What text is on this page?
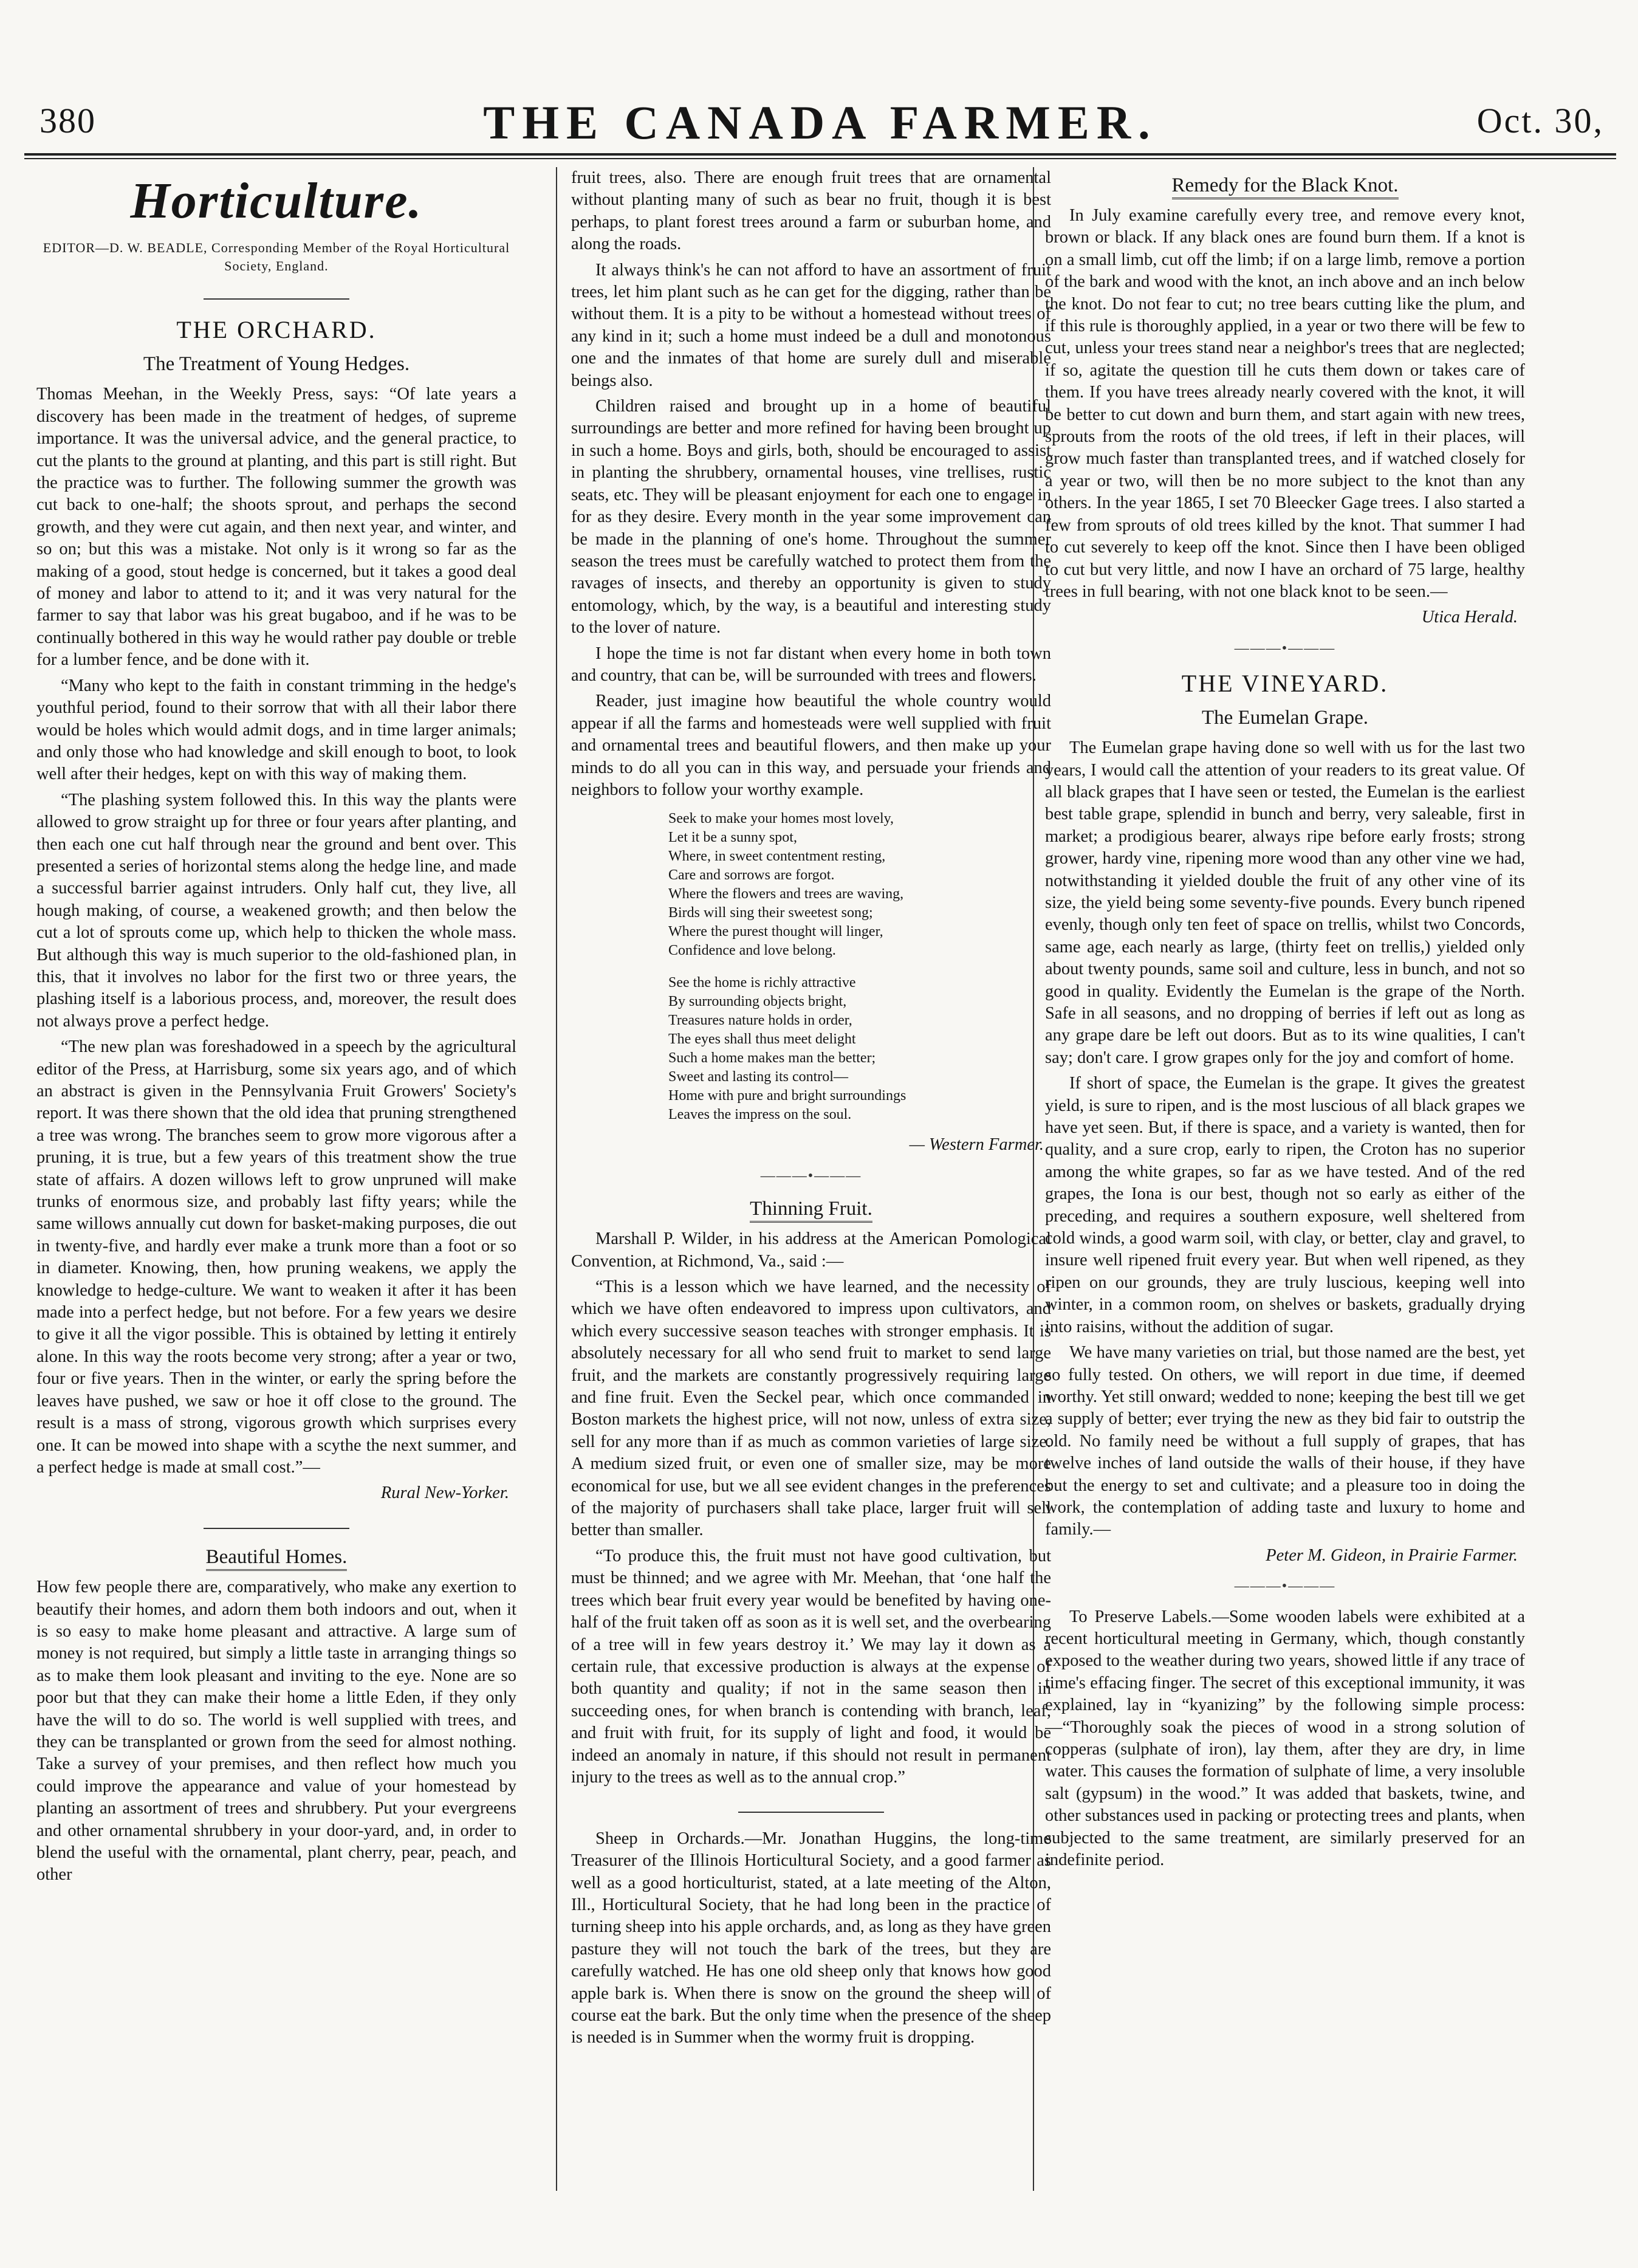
380	THE CANADA FARMER.	Oct. 30,
Horticulture.
EDITOR—D. W. BEADLE, Corresponding Member of the Royal Horticultural Society, England.
THE ORCHARD.
The Treatment of Young Hedges.

Thomas Meehan, in the Weekly Press, says: “Of late years a discovery has been made in the treatment of hedges, of supreme importance. It was the universal advice, and the general practice, to cut the plants to the ground at planting, and this part is still right. But the practice was to further. The following summer the growth was cut back to one-half; the shoots sprout, and perhaps the second growth, and they were cut again, and then next year, and winter, and so on; but this was a mistake. Not only is it wrong so far as the making of a good, stout hedge is concerned, but it takes a good deal of money and labor to attend to it; and it was very natural for the farmer to say that labor was his great bugaboo, and if he was to be continually bothered in this way he would rather pay double or treble for a lumber fence, and be done with it.

“Many who kept to the faith in constant trimming in the hedge's youthful period, found to their sorrow that with all their labor there would be holes which would admit dogs, and in time larger animals; and only those who had knowledge and skill enough to boot, to look well after their hedges, kept on with this way of making them.

“The plashing system followed this. In this way the plants were allowed to grow straight up for three or four years after planting, and then each one cut half through near the ground and bent over. This presented a series of horizontal stems along the hedge line, and made a successful barrier against intruders. Only half cut, they live, all hough making, of course, a weakened growth; and then below the cut a lot of sprouts come up, which help to thicken the whole mass. But although this way is much superior to the old-fashioned plan, in this, that it involves no labor for the first two or three years, the plashing itself is a laborious process, and, moreover, the result does not always prove a perfect hedge.

“The new plan was foreshadowed in a speech by the agricultural editor of the Press, at Harrisburg, some six years ago, and of which an abstract is given in the Pennsylvania Fruit Growers' Society's report. It was there shown that the old idea that pruning strengthened a tree was wrong. The branches seem to grow more vigorous after a pruning, it is true, but a few years of this treatment show the true state of affairs. A dozen willows left to grow unpruned will make trunks of enormous size, and probably last fifty years; while the same willows annually cut down for basket-making purposes, die out in twenty-five, and hardly ever make a trunk more than a foot or so in diameter. Knowing, then, how pruning weakens, we apply the knowledge to hedge-culture. We want to weaken it after it has been made into a perfect hedge, but not before. For a few years we desire to give it all the vigor possible. This is obtained by letting it entirely alone. In this way the roots become very strong; after a year or two, four or five years. Then in the winter, or early the spring before the leaves have pushed, we saw or hoe it off close to the ground. The result is a mass of strong, vigorous growth which surprises every one. It can be mowed into shape with a scythe the next summer, and a perfect hedge is made at small cost.”—

Rural New-Yorker.
Beautiful Homes.

How few people there are, comparatively, who make any exertion to beautify their homes, and adorn them both indoors and out, when it is so easy to make home pleasant and attractive. A large sum of money is not required, but simply a little taste in arranging things so as to make them look pleasant and inviting to the eye. None are so poor but that they can make their home a little Eden, if they only have the will to do so. The world is well supplied with trees, and they can be transplanted or grown from the seed for almost nothing. Take a survey of your premises, and then reflect how much you could improve the appearance and value of your homestead by planting an assortment of trees and shrubbery. Put your evergreens and other ornamental shrubbery in your door-yard, and, in order to blend the useful with the ornamental, plant cherry, pear, peach, and other

fruit trees, also. There are enough fruit trees that are ornamental without planting many of such as bear no fruit, though it is best perhaps, to plant forest trees around a farm or suburban home, and along the roads.

It always think's he can not afford to have an assortment of fruit trees, let him plant such as he can get for the digging, rather than be without them. It is a pity to be without a homestead without trees of any kind in it; such a home must indeed be a dull and monotonous one and the inmates of that home are surely dull and miserable beings also.

Children raised and brought up in a home of beautiful surroundings are better and more refined for having been brought up in such a home. Boys and girls, both, should be encouraged to assist in planting the shrubbery, ornamental houses, vine trellises, rustic seats, etc. They will be pleasant enjoyment for each one to engage in for as they desire. Every month in the year some improvement can be made in the planning of one's home. Throughout the summer season the trees must be carefully watched to protect them from the ravages of insects, and thereby an opportunity is given to study entomology, which, by the way, is a beautiful and interesting study to the lover of nature.

I hope the time is not far distant when every home in both town and country, that can be, will be surrounded with trees and flowers.

Reader, just imagine how beautiful the whole country would appear if all the farms and homesteads were well supplied with fruit and ornamental trees and beautiful flowers, and then make up your minds to do all you can in this way, and persuade your friends and neighbors to follow your worthy example.

Seek to make your homes most lovely,

Let it be a sunny spot,

Where, in sweet contentment resting,

Care and sorrows are forgot.

Where the flowers and trees are waving,

Birds will sing their sweetest song;

Where the purest thought will linger,

Confidence and love belong.

See the home is richly attractive

By surrounding objects bright,

Treasures nature holds in order,

The eyes shall thus meet delight

Such a home makes man the better;

Sweet and lasting its control—

Home with pure and bright surroundings

Leaves the impress on the soul.

— Western Farmer.
———•———
Thinning Fruit.

Marshall P. Wilder, in his address at the American Pomological Convention, at Richmond, Va., said :—

“This is a lesson which we have learned, and the necessity of which we have often endeavored to impress upon cultivators, and which every successive season teaches with stronger emphasis. It is absolutely necessary for all who send fruit to market to send large fruit, and the markets are constantly progressively requiring large and fine fruit. Even the Seckel pear, which once commanded in Boston markets the highest price, will not now, unless of extra size, sell for any more than if as much as common varieties of large size. A medium sized fruit, or even one of smaller size, may be more economical for use, but we all see evident changes in the preferences of the majority of purchasers shall take place, larger fruit will sell better than smaller.

“To produce this, the fruit must not have good cultivation, but must be thinned; and we agree with Mr. Meehan, that ‘one half the trees which bear fruit every year would be benefited by having one-half of the fruit taken off as soon as it is well set, and the overbearing of a tree will in few years destroy it.’ We may lay it down as a certain rule, that excessive production is always at the expense of both quantity and quality; if not in the same season then in succeeding ones, for when branch is contending with branch, leaf, and fruit with fruit, for its supply of light and food, it would be indeed an anomaly in nature, if this should not result in permanent injury to the trees as well as to the annual crop.”

Sheep in Orchards.—Mr. Jonathan Huggins, the long-time Treasurer of the Illinois Horticultural Society, and a good farmer as well as a good horticulturist, stated, at a late meeting of the Alton, Ill., Horticultural Society, that he had long been in the practice of turning sheep into his apple orchards, and, as long as they have green pasture they will not touch the bark of the trees, but they are carefully watched. He has one old sheep only that knows how good apple bark is. When there is snow on the ground the sheep will of course eat the bark. But the only time when the presence of the sheep is needed is in Summer when the wormy fruit is dropping.

Remedy for the Black Knot.

In July examine carefully every tree, and remove every knot, brown or black. If any black ones are found burn them. If a knot is on a small limb, cut off the limb; if on a large limb, remove a portion of the bark and wood with the knot, an inch above and an inch below the knot. Do not fear to cut; no tree bears cutting like the plum, and if this rule is thoroughly applied, in a year or two there will be few to cut, unless your trees stand near a neighbor's trees that are neglected; if so, agitate the question till he cuts them down or takes care of them. If you have trees already nearly covered with the knot, it will be better to cut down and burn them, and start again with new trees, sprouts from the roots of the old trees, if left in their places, will grow much faster than transplanted trees, and if watched closely for a year or two, will then be no more subject to the knot than any others. In the year 1865, I set 70 Bleecker Gage trees. I also started a few from sprouts of old trees killed by the knot. That summer I had to cut severely to keep off the knot. Since then I have been obliged to cut but very little, and now I have an orchard of 75 large, healthy trees in full bearing, with not one black knot to be seen.—

Utica Herald.
———•———
THE VINEYARD.
The Eumelan Grape.

The Eumelan grape having done so well with us for the last two years, I would call the attention of your readers to its great value. Of all black grapes that I have seen or tested, the Eumelan is the earliest best table grape, splendid in bunch and berry, very saleable, first in market; a prodigious bearer, always ripe before early frosts; strong grower, hardy vine, ripening more wood than any other vine we had, notwithstanding it yielded double the fruit of any other vine of its size, the yield being some seventy-five pounds. Every bunch ripened evenly, though only ten feet of space on trellis, whilst two Concords, same age, each nearly as large, (thirty feet on trellis,) yielded only about twenty pounds, same soil and culture, less in bunch, and not so good in quality. Evidently the Eumelan is the grape of the North. Safe in all seasons, and no dropping of berries if left out as long as any grape dare be left out doors. But as to its wine qualities, I can't say; don't care. I grow grapes only for the joy and comfort of home.

If short of space, the Eumelan is the grape. It gives the greatest yield, is sure to ripen, and is the most luscious of all black grapes we have yet seen. But, if there is space, and a variety is wanted, then for quality, and a sure crop, early to ripen, the Croton has no superior among the white grapes, so far as we have tested. And of the red grapes, the Iona is our best, though not so early as either of the preceding, and requires a southern exposure, well sheltered from cold winds, a good warm soil, with clay, or better, clay and gravel, to insure well ripened fruit every year. But when well ripened, as they ripen on our grounds, they are truly luscious, keeping well into winter, in a common room, on shelves or baskets, gradually drying into raisins, without the addition of sugar.

We have many varieties on trial, but those named are the best, yet so fully tested. On others, we will report in due time, if deemed worthy. Yet still onward; wedded to none; keeping the best till we get a supply of better; ever trying the new as they bid fair to outstrip the old. No family need be without a full supply of grapes, that has twelve inches of land outside the walls of their house, if they have but the energy to set and cultivate; and a pleasure too in doing the work, the contemplation of adding taste and luxury to home and family.—

Peter M. Gideon, in Prairie Farmer.
———•———

To Preserve Labels.—Some wooden labels were exhibited at a recent horticultural meeting in Germany, which, though constantly exposed to the weather during two years, showed little if any trace of time's effacing finger. The secret of this exceptional immunity, it was explained, lay in “kyanizing” by the following simple process:—“Thoroughly soak the pieces of wood in a strong solution of copperas (sulphate of iron), lay them, after they are dry, in lime water. This causes the formation of sulphate of lime, a very insoluble salt (gypsum) in the wood.” It was added that baskets, twine, and other substances used in packing or protecting trees and plants, when subjected to the same treatment, are similarly preserved for an indefinite period.
